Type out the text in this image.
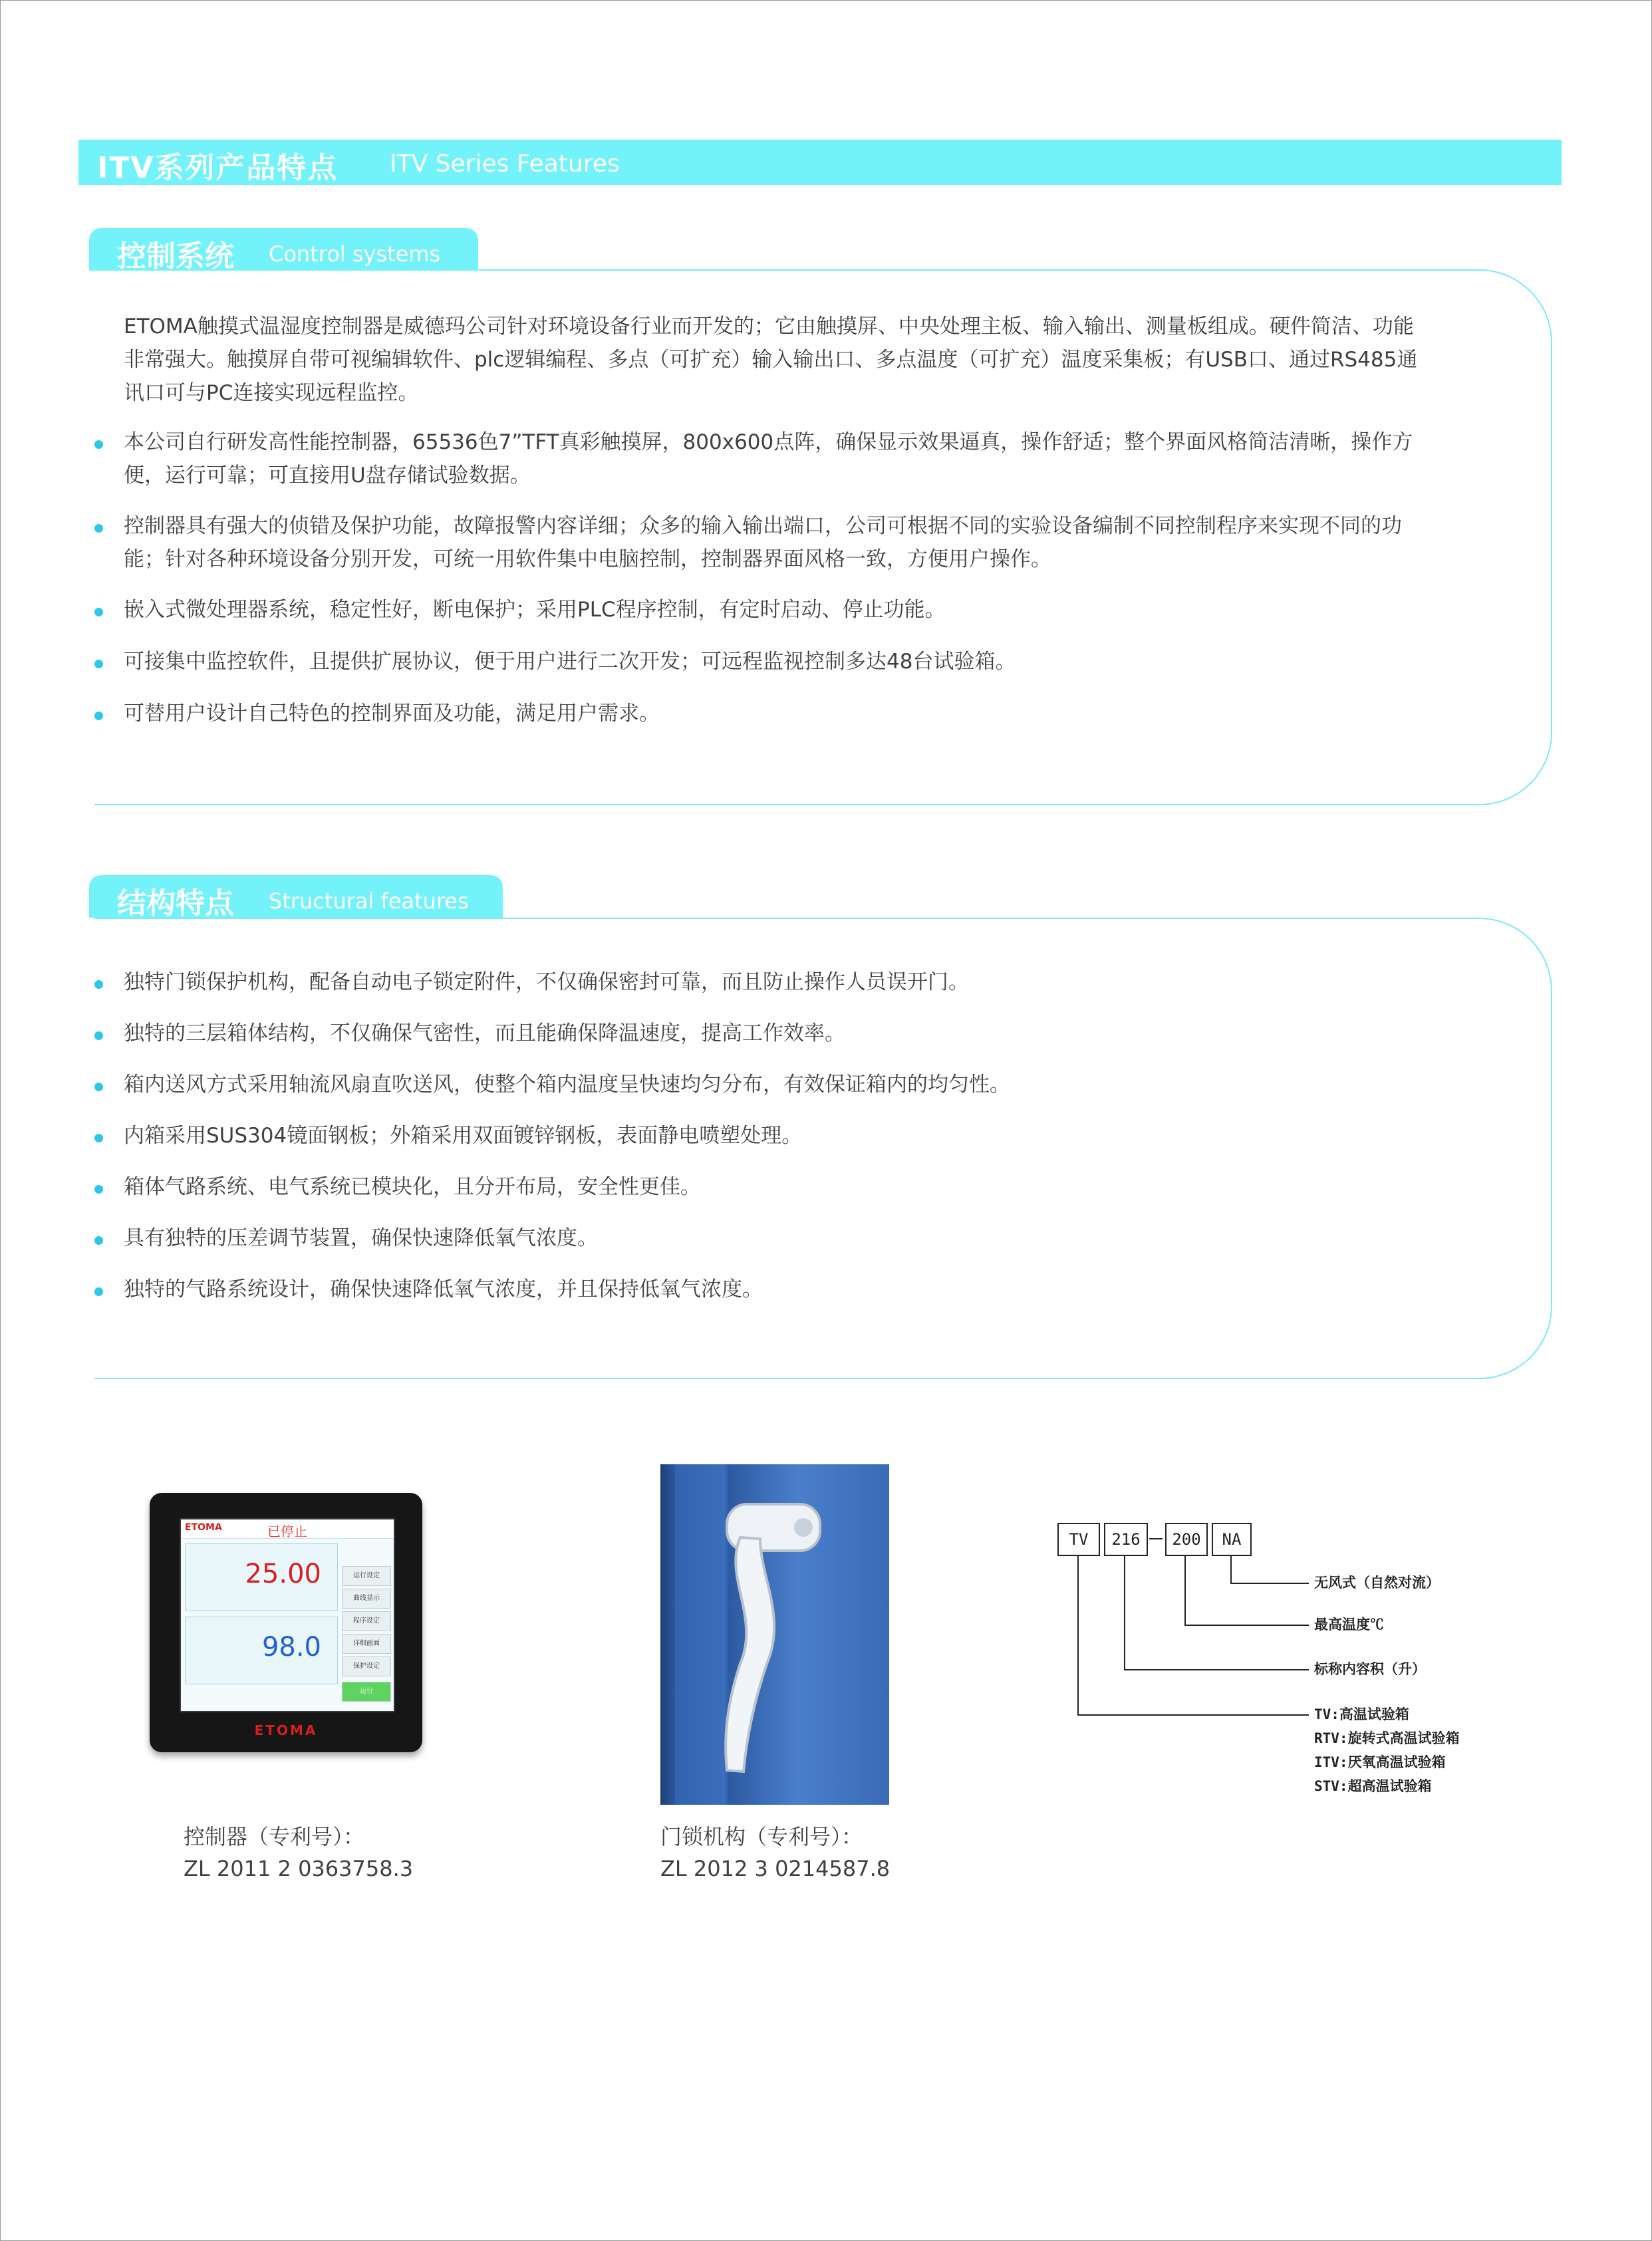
ITV系列产品特点 ITV Series Features
控制系统 Control systems
ETOMA触摸式温湿度控制器是威德玛公司针对环境设备行业而开发的；它由触摸屏、中央处理主板、输入输出、测量板组成。硬件简洁、功能
非常强大。触摸屏自带可视编辑软件、plc逻辑编程、多点（可扩充）输入输出口、多点温度（可扩充）温度采集板；有USB口、通过RS485通
讯口可与PC连接实现远程监控。
本公司自行研发高性能控制器，65536色7”TFT真彩触摸屏，800x600点阵，确保显示效果逼真，操作舒适；整个界面风格简洁清晰，操作方
便，运行可靠；可直接用U盘存储试验数据。
控制器具有强大的侦错及保护功能，故障报警内容详细；众多的输入输出端口，公司可根据不同的实验设备编制不同控制程序来实现不同的功
能；针对各种环境设备分别开发，可统一用软件集中电脑控制，控制器界面风格一致，方便用户操作。
嵌入式微处理器系统，稳定性好，断电保护；采用PLC程序控制，有定时启动、停止功能。
可接集中监控软件，且提供扩展协议，便于用户进行二次开发；可远程监视控制多达48台试验箱。
可替用户设计自己特色的控制界面及功能，满足用户需求。
结构特点 Structural features
独特门锁保护机构，配备自动电子锁定附件，不仅确保密封可靠，而且防止操作人员误开门。
独特的三层箱体结构，不仅确保气密性，而且能确保降温速度，提高工作效率。
箱内送风方式采用轴流风扇直吹送风，使整个箱内温度呈快速均匀分布，有效保证箱内的均匀性。
内箱采用SUS304镜面钢板；外箱采用双面镀锌钢板，表面静电喷塑处理。
箱体气路系统、电气系统已模块化，且分开布局，安全性更佳。
具有独特的压差调节装置，确保快速降低氧气浓度。
独特的气路系统设计，确保快速降低氧气浓度，并且保持低氧气浓度。
ETOMA	已停止
25.00
98.0
运行设定
曲线显示
程序设定
详细画面
保护设定
运行
ETOMA
控制器（专利号）：
ZL 2011 2 0363758.3
门锁机构（专利号）：
ZL 2012 3 0214587.8
TV	216	200	NA
无风式（自然对流）
最高温度℃
标称内容积（升）
TV:高温试验箱
RTV:旋转式高温试验箱
ITV:厌氧高温试验箱
STV:超高温试验箱
